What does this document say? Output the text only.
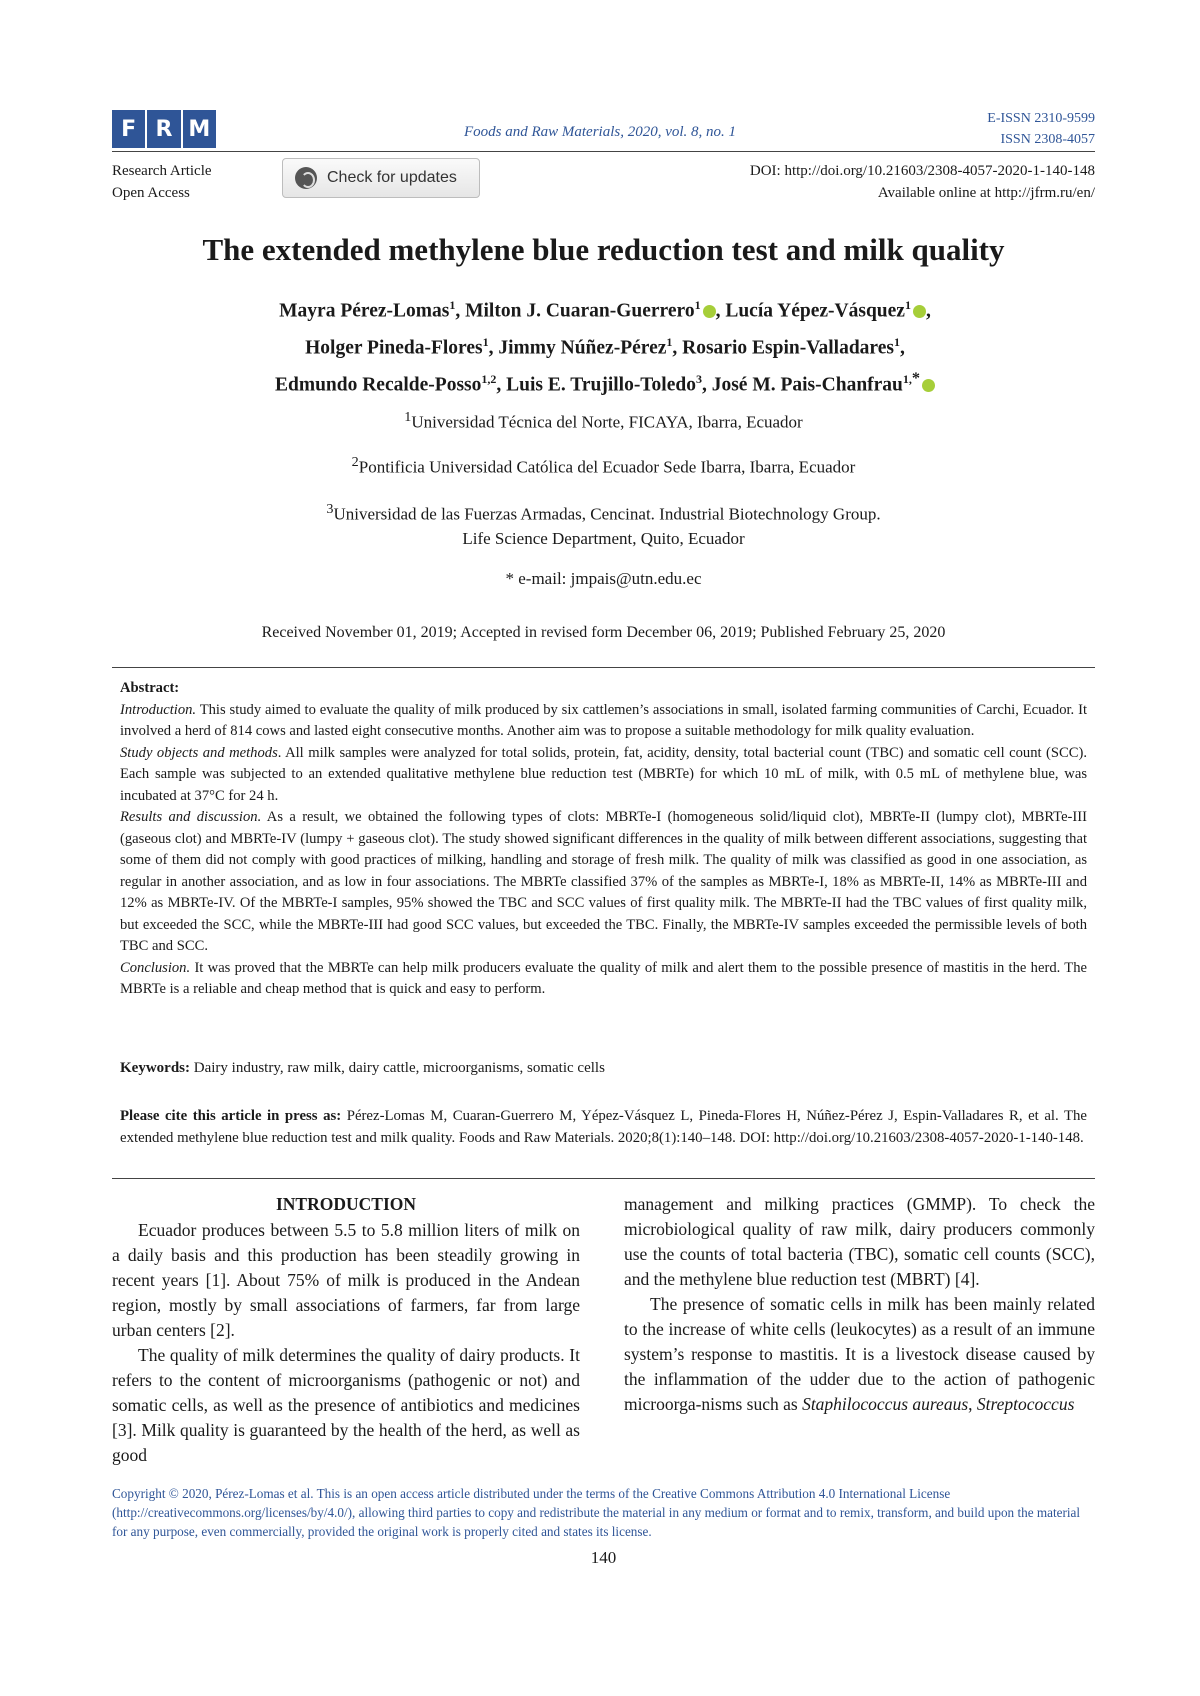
F R M	Foods and Raw Materials, 2020, vol. 8, no. 1
E-ISSN 2310-9599
ISSN 2308-4057
Research Article
Open Access
Check for updates	DOI: http://doi.org/10.21603/2308-4057-2020-1-140-148
Available online at http://jfrm.ru/en/
The extended methylene blue reduction test and milk quality
Mayra Pérez-Lomas$^1$, Milton J. Cuaran-Guerrero$^1$ , Lucía Yépez-Vásquez$^1$ ,
Holger Pineda-Flores$^1$, Jimmy Núñez-Pérez$^1$, Rosario Espin-Valladares$^1$,
Edmundo Recalde-Posso$^{1,2}$, Luis E. Trujillo-Toledo$^3$, José M. Pais-Chanfrau$^{1,*}$
$^1$Universidad Técnica del Norte, FICAYA, Ibarra, Ecuador
$^2$Pontificia Universidad Católica del Ecuador Sede Ibarra, Ibarra, Ecuador
$^3$Universidad de las Fuerzas Armadas, Cencinat. Industrial Biotechnology Group.
Life Science Department, Quito, Ecuador
* e-mail: jmpais@utn.edu.ec
Received November 01, 2019; Accepted in revised form December 06, 2019; Published February 25, 2020

Abstract:

Introduction. This study aimed to evaluate the quality of milk produced by six cattlemen’s associations in small, isolated farming communities of Carchi, Ecuador. It involved a herd of 814 cows and lasted eight consecutive months. Another aim was to propose a suitable methodology for milk quality evaluation.

Study objects and methods. All milk samples were analyzed for total solids, protein, fat, acidity, density, total bacterial count (TBC) and somatic cell count (SCC). Each sample was subjected to an extended qualitative methylene blue reduction test (MBRTe) for which 10 mL of milk, with 0.5 mL of methylene blue, was incubated at 37°C for 24 h.

Results and discussion. As a result, we obtained the following types of clots: MBRTe-I (homogeneous solid/liquid clot), MBRTe-II (lumpy clot), MBRTe-III (gaseous clot) and MBRTe-IV (lumpy + gaseous clot). The study showed significant differences in the quality of milk between different associations, suggesting that some of them did not comply with good practices of milking, handling and storage of fresh milk. The quality of milk was classified as good in one association, as regular in another association, and as low in four associations. The MBRTe classified 37% of the samples as MBRTe-I, 18% as MBRTe-II, 14% as MBRTe-III and 12% as MBRTe-IV. Of the MBRTe-I samples, 95% showed the TBC and SCC values of first quality milk. The MBRTe-II had the TBC values of first quality milk, but exceeded the SCC, while the MBRTe-III had good SCC values, but exceeded the TBC. Finally, the MBRTe-IV samples exceeded the permissible levels of both TBC and SCC.

Conclusion. It was proved that the MBRTe can help milk producers evaluate the quality of milk and alert them to the possible presence of mastitis in the herd. The MBRTe is a reliable and cheap method that is quick and easy to perform.

Keywords: Dairy industry, raw milk, dairy cattle, microorganisms, somatic cells
Please cite this article in press as: Pérez-Lomas M, Cuaran-Guerrero M, Yépez-Vásquez L, Pineda-Flores H, Núñez-Pérez J, Espin-Valladares R, et al. The extended methylene blue reduction test and milk quality. Foods and Raw Materials. 2020;8(1):140–148. DOI: http://doi.org/10.21603/2308-4057-2020-1-140-148.

INTRODUCTION

Ecuador produces between 5.5 to 5.8 million liters of milk on a daily basis and this production has been steadily growing in recent years [1]. About 75% of milk is produced in the Andean region, mostly by small associations of farmers, far from large urban centers [2].

The quality of milk determines the quality of dairy products. It refers to the content of microorganisms (pathogenic or not) and somatic cells, as well as the presence of antibiotics and medicines [3]. Milk quality is guaranteed by the health of the herd, as well as good

management and milking practices (GMMP). To check the microbiological quality of raw milk, dairy producers commonly use the counts of total bacteria (TBC), somatic cell counts (SCC), and the methylene blue reduction test (MBRT) [4].

The presence of somatic cells in milk has been mainly related to the increase of white cells (leukocytes) as a result of an immune system’s response to mastitis. It is a livestock disease caused by the inflammation of the udder due to the action of pathogenic microorga-nisms such as Staphilococcus aureaus, Streptococcus

Copyright © 2020, Pérez-Lomas et al. This is an open access article distributed under the terms of the Creative Commons Attribution 4.0 International License (http://creativecommons.org/licenses/by/4.0/), allowing third parties to copy and redistribute the material in any medium or format and to remix, transform, and build upon the material for any purpose, even commercially, provided the original work is properly cited and states its license.
140
